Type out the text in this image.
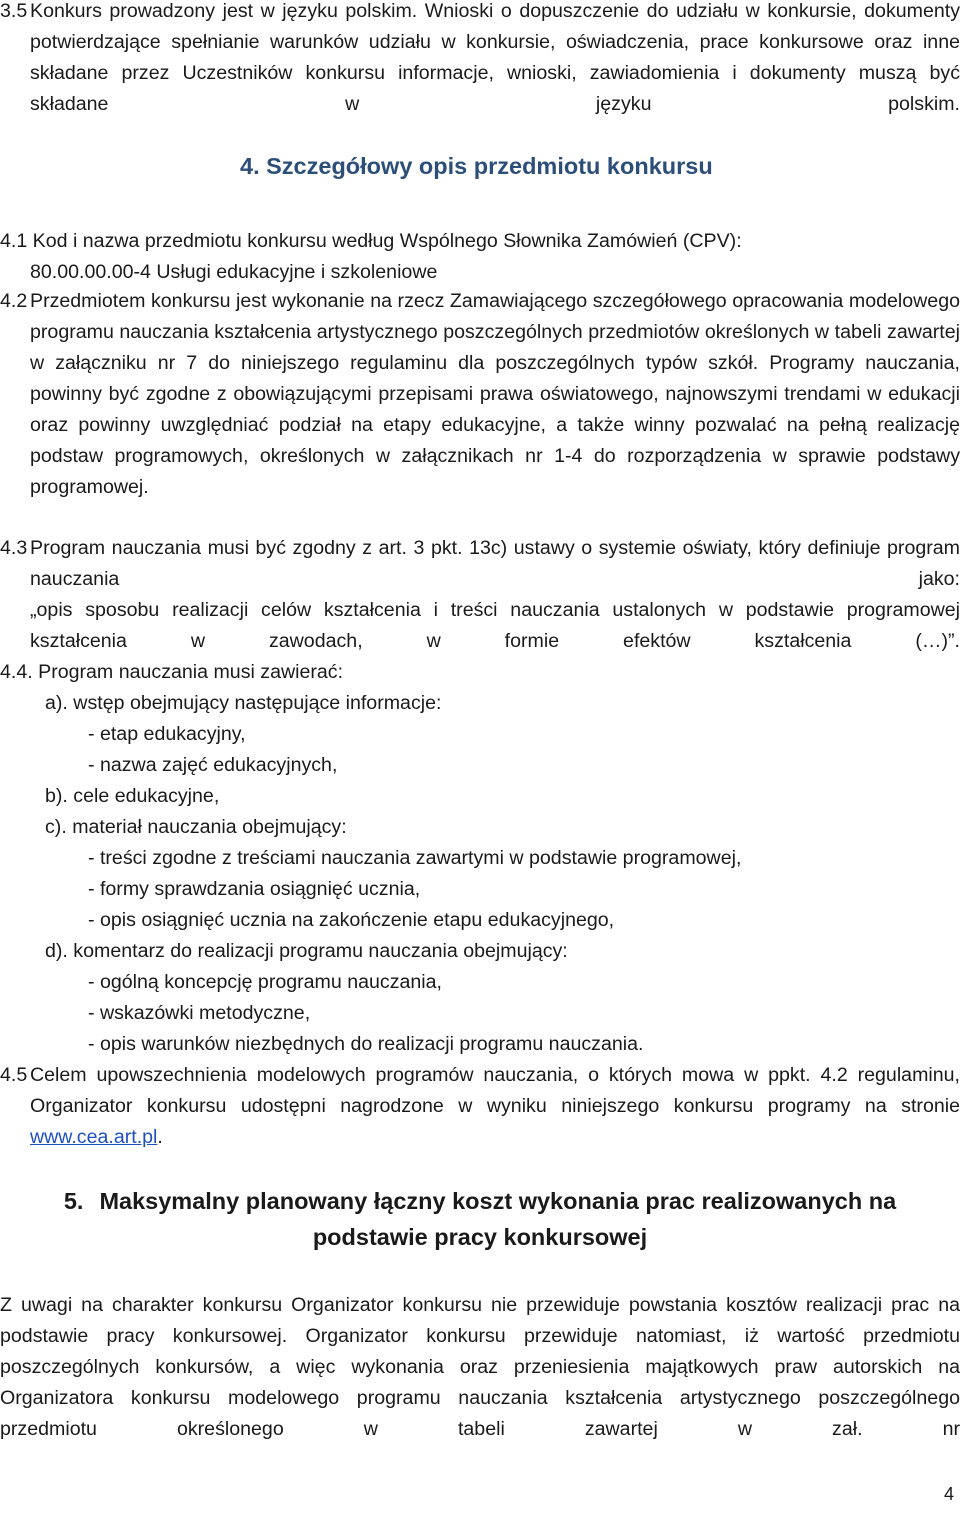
3.5 Konkurs prowadzony jest w języku polskim. Wnioski o dopuszczenie do udziału w konkursie, dokumenty potwierdzające spełnianie warunków udziału w konkursie, oświadczenia, prace konkursowe oraz inne składane przez Uczestników konkursu informacje, wnioski, zawiadomienia i dokumenty muszą być składane w języku polskim.
4. Szczegółowy opis przedmiotu konkursu
4.1 Kod i nazwa przedmiotu konkursu według Wspólnego Słownika Zamówień (CPV):
80.00.00.00-4 Usługi edukacyjne i szkoleniowe
4.2 Przedmiotem konkursu jest wykonanie na rzecz Zamawiającego szczegółowego opracowania modelowego programu nauczania kształcenia artystycznego poszczególnych przedmiotów określonych w tabeli zawartej w załączniku nr 7 do niniejszego regulaminu dla poszczególnych typów szkół. Programy nauczania, powinny być zgodne z obowiązującymi przepisami prawa oświatowego, najnowszymi trendami w edukacji oraz powinny uwzględniać podział na etapy edukacyjne, a także winny pozwalać na pełną realizację podstaw programowych, określonych w załącznikach nr 1-4 do rozporządzenia w sprawie podstawy programowej.
4.3 Program nauczania musi być zgodny z art. 3 pkt. 13c) ustawy o systemie oświaty, który definiuje program nauczania jako:
„opis sposobu realizacji celów kształcenia i treści nauczania ustalonych w podstawie programowej kształcenia w zawodach, w formie efektów kształcenia (…)”.
4.4. Program nauczania musi zawierać:
a). wstęp obejmujący następujące informacje:
- etap edukacyjny,
- nazwa zajęć edukacyjnych,
b). cele edukacyjne,
c). materiał nauczania obejmujący:
- treści zgodne z treściami nauczania zawartymi w podstawie programowej,
- formy sprawdzania osiągnięć ucznia,
- opis osiągnięć ucznia na zakończenie etapu edukacyjnego,
d). komentarz do realizacji programu nauczania obejmujący:
- ogólną koncepcję programu nauczania,
- wskazówki metodyczne,
- opis warunków niezbędnych do realizacji programu nauczania.
4.5 Celem upowszechnienia modelowych programów nauczania, o których mowa w ppkt. 4.2 regulaminu, Organizator konkursu udostępni nagrodzone w wyniku niniejszego konkursu programy na stronie www.cea.art.pl.
5. Maksymalny planowany łączny koszt wykonania prac realizowanych na
podstawie pracy konkursowej
Z uwagi na charakter konkursu Organizator konkursu nie przewiduje powstania kosztów realizacji prac na podstawie pracy konkursowej. Organizator konkursu przewiduje natomiast, iż wartość przedmiotu poszczególnych konkursów, a więc wykonania oraz przeniesienia majątkowych praw autorskich na Organizatora konkursu modelowego programu nauczania kształcenia artystycznego poszczególnego przedmiotu określonego w tabeli zawartej w zał. nr
4
